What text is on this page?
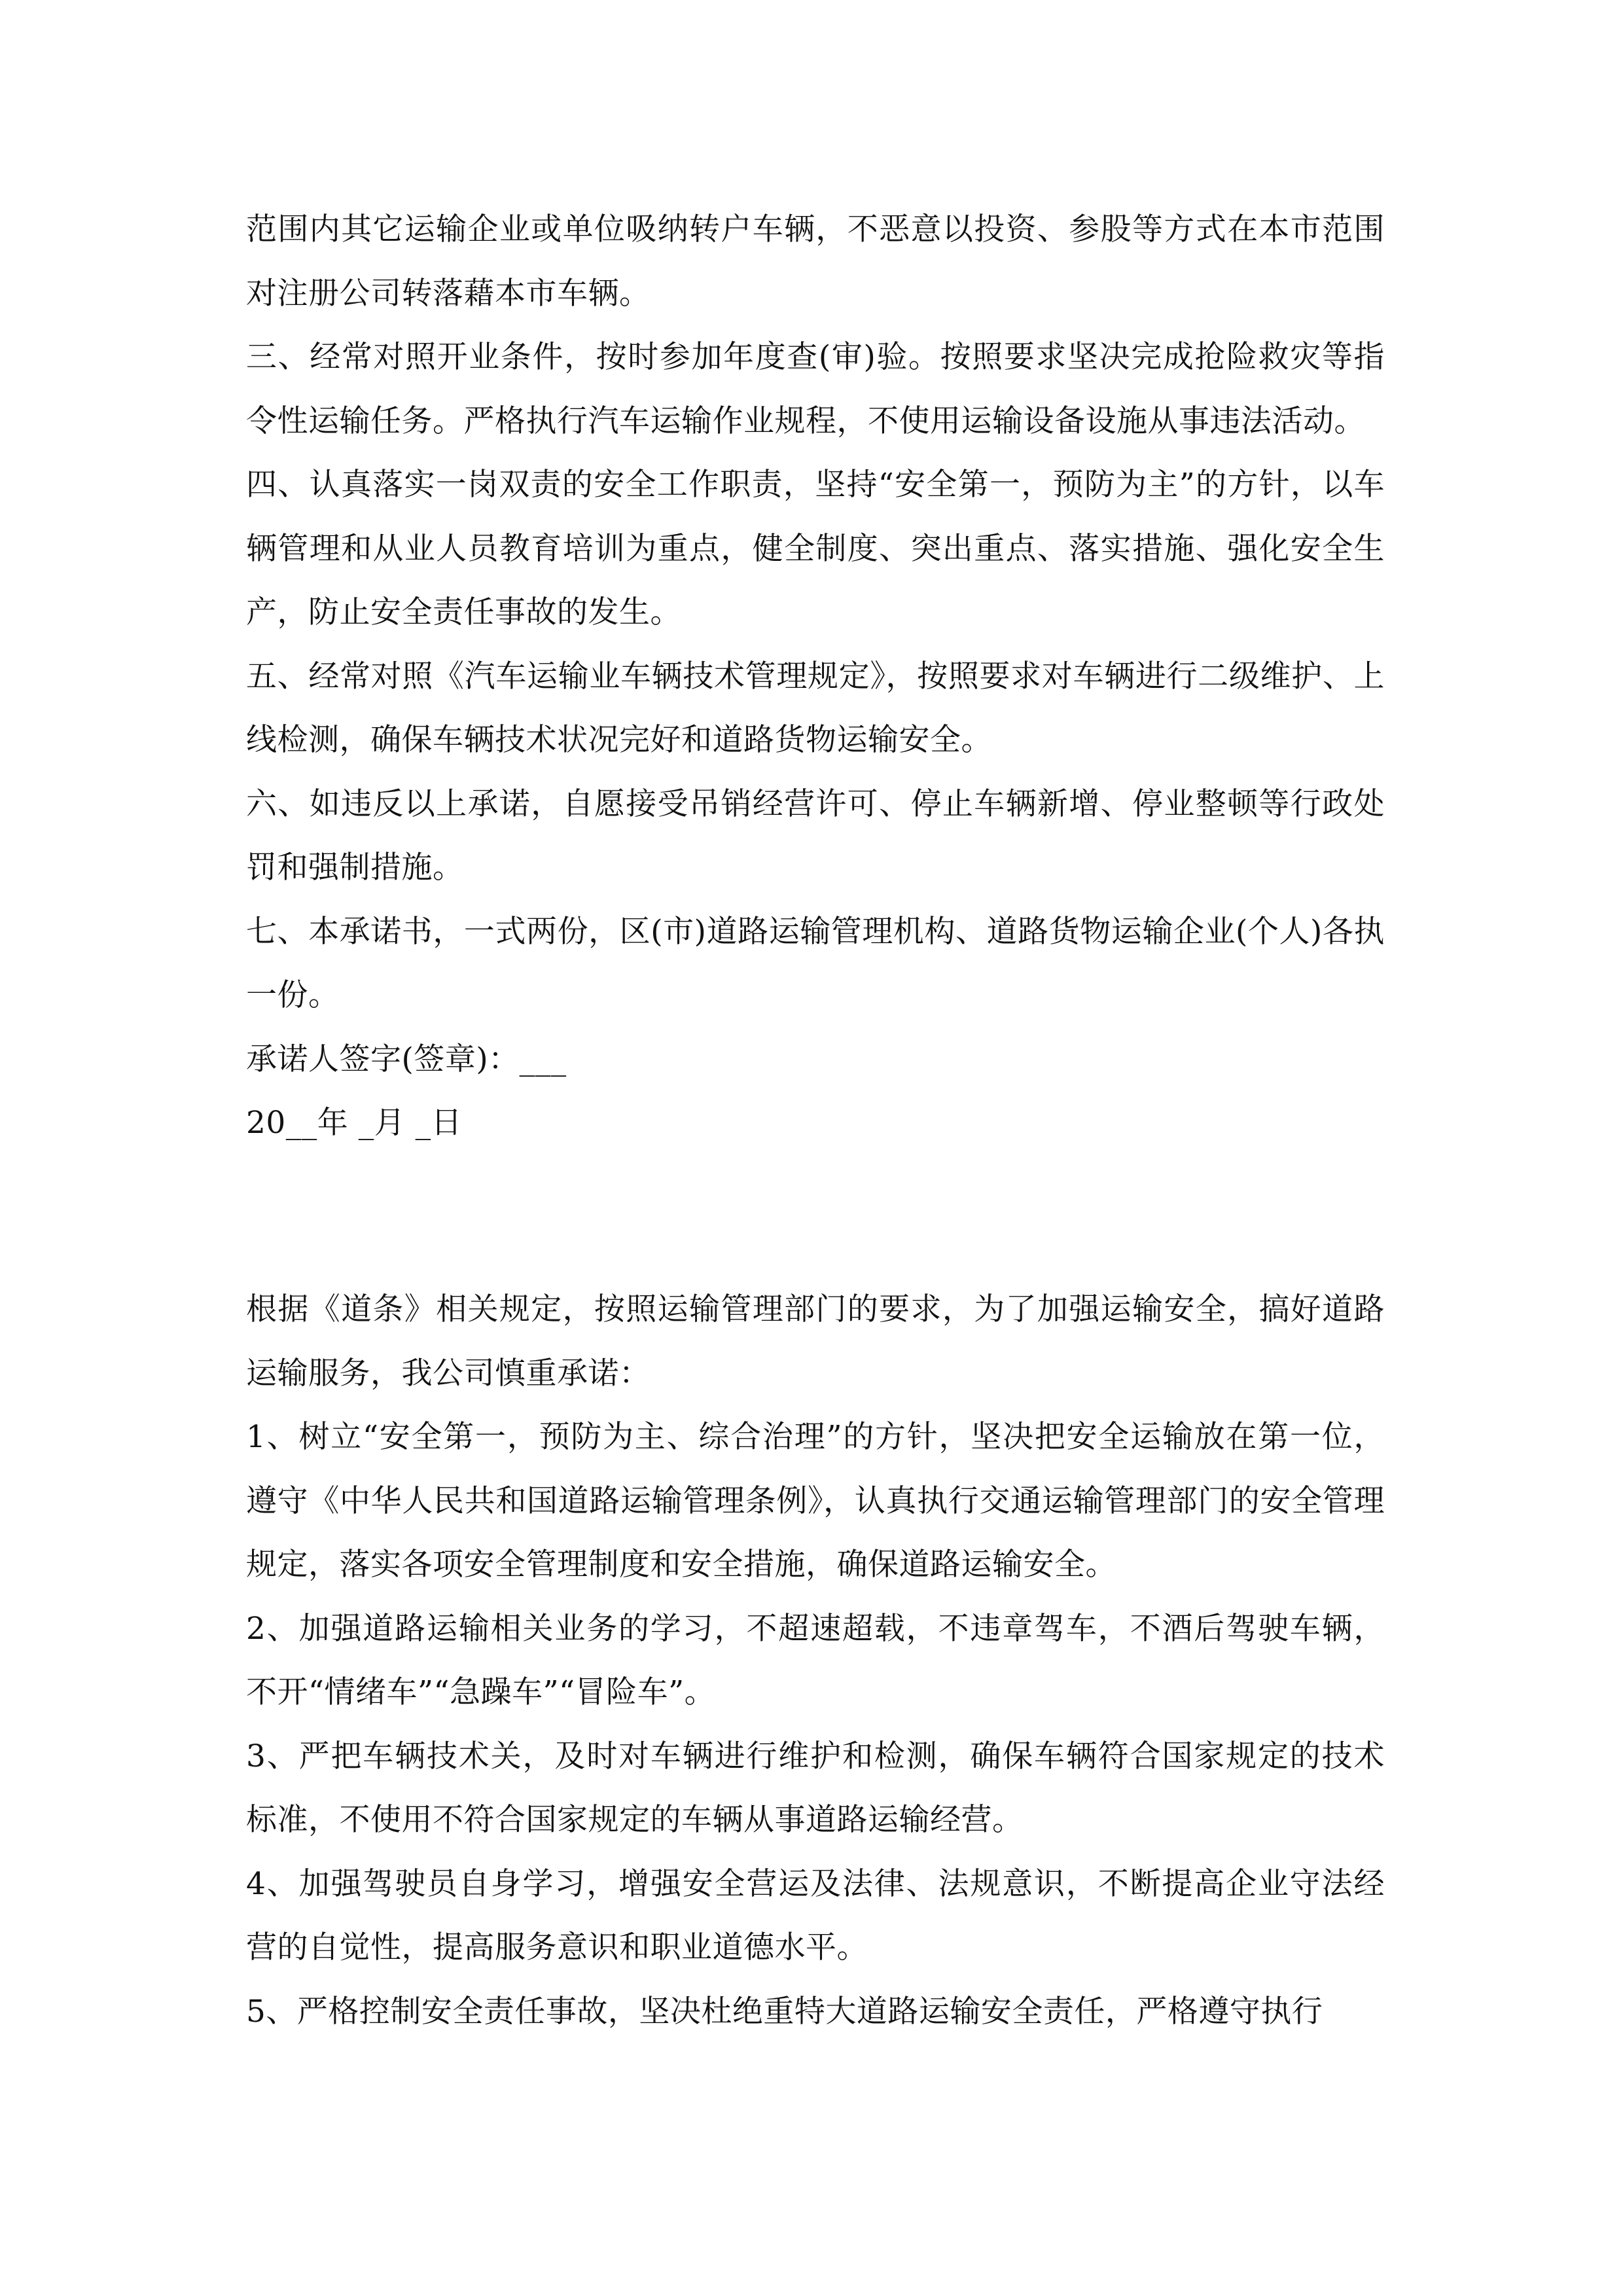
范围内其它运输企业或单位吸纳转户车辆，不恶意以投资、参股等方式在本市范围对注册公司转落藉本市车辆。

三、经常对照开业条件，按时参加年度查(审)验。按照要求坚决完成抢险救灾等指令性运输任务。严格执行汽车运输作业规程，不使用运输设备设施从事违法活动。

四、认真落实一岗双责的安全工作职责，坚持“安全第一，预防为主”的方针，以车辆管理和从业人员教育培训为重点，健全制度、突出重点、落实措施、强化安全生产，防止安全责任事故的发生。

五、经常对照《汽车运输业车辆技术管理规定》，按照要求对车辆进行二级维护、上线检测，确保车辆技术状况完好和道路货物运输安全。

六、如违反以上承诺，自愿接受吊销经营许可、停止车辆新增、停业整顿等行政处罚和强制措施。

七、本承诺书，一式两份，区(市)道路运输管理机构、道路货物运输企业(个人)各执一份。

承诺人签字(签章)：___

20__年 _月 _日

根据《道条》相关规定，按照运输管理部门的要求，为了加强运输安全，搞好道路运输服务，我公司慎重承诺：

1、树立“安全第一，预防为主、综合治理”的方针，坚决把安全运输放在第一位，遵守《中华人民共和国道路运输管理条例》，认真执行交通运输管理部门的安全管理规定，落实各项安全管理制度和安全措施，确保道路运输安全。

2、加强道路运输相关业务的学习，不超速超载，不违章驾车，不酒后驾驶车辆，不开“情绪车”“急躁车”“冒险车”。

3、严把车辆技术关，及时对车辆进行维护和检测，确保车辆符合国家规定的技术标准，不使用不符合国家规定的车辆从事道路运输经营。

4、加强驾驶员自身学习，增强安全营运及法律、法规意识，不断提高企业守法经营的自觉性，提高服务意识和职业道德水平。

5、严格控制安全责任事故，坚决杜绝重特大道路运输安全责任，严格遵守执行
